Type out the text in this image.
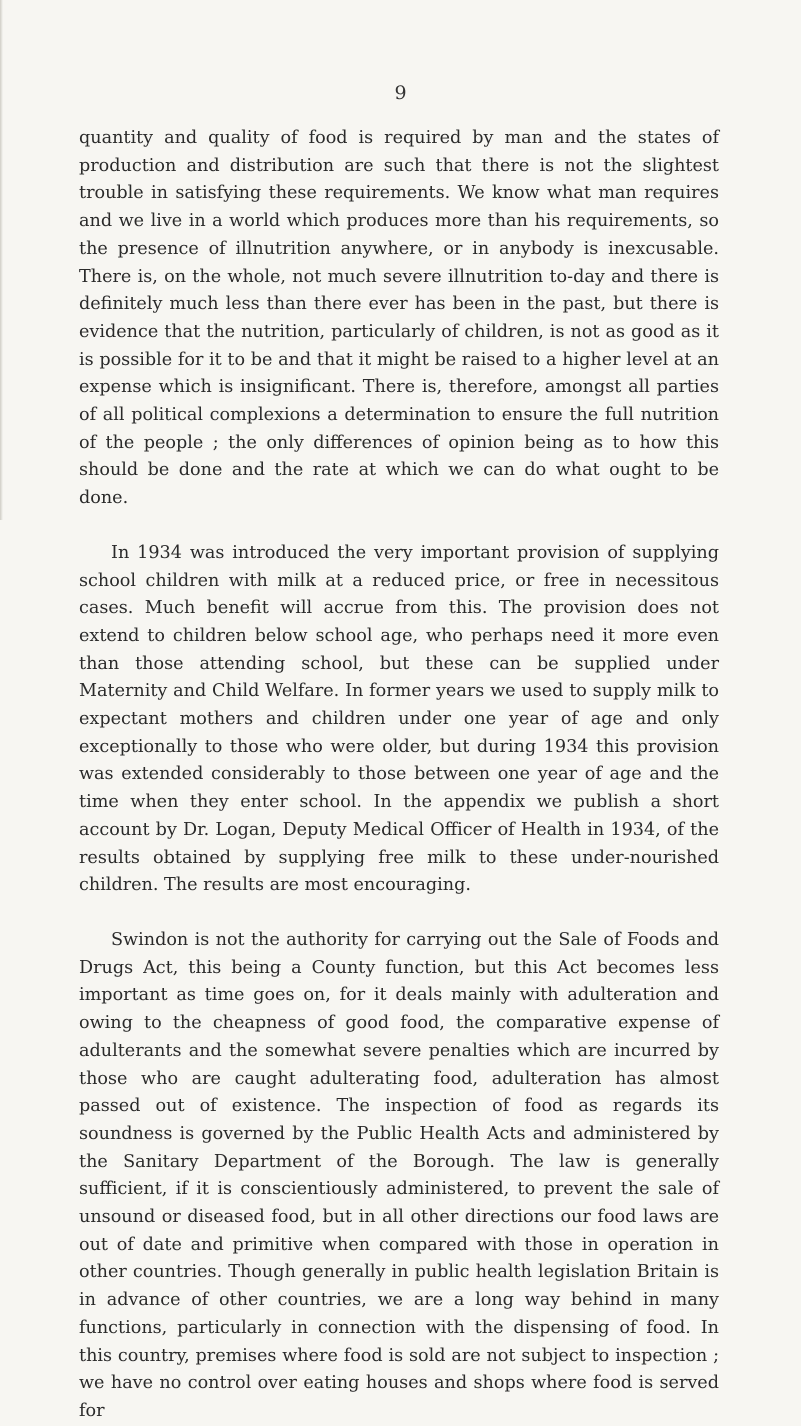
9

quantity and quality of food is required by man and the states of production and distribution are such that there is not the slightest trouble in satisfying these requirements. We know what man requires and we live in a world which produces more than his requirements, so the presence of illnutrition anywhere, or in anybody is inexcusable. There is, on the whole, not much severe illnutrition to-day and there is definitely much less than there ever has been in the past, but there is evidence that the nutrition, particularly of children, is not as good as it is possible for it to be and that it might be raised to a higher level at an expense which is insignificant. There is, therefore, amongst all parties of all political complexions a determination to ensure the full nutrition of the people ; the only differences of opinion being as to how this should be done and the rate at which we can do what ought to be done.

In 1934 was introduced the very important provision of supplying school children with milk at a reduced price, or free in necessitous cases. Much benefit will accrue from this. The provision does not extend to children below school age, who perhaps need it more even than those attending school, but these can be supplied under Maternity and Child Welfare. In former years we used to supply milk to expectant mothers and children under one year of age and only exceptionally to those who were older, but during 1934 this provision was extended considerably to those between one year of age and the time when they enter school. In the appendix we publish a short account by Dr. Logan, Deputy Medical Officer of Health in 1934, of the results obtained by supplying free milk to these under-nourished children. The results are most encouraging.

Swindon is not the authority for carrying out the Sale of Foods and Drugs Act, this being a County function, but this Act becomes less important as time goes on, for it deals mainly with adulteration and owing to the cheapness of good food, the comparative expense of adulterants and the somewhat severe penalties which are incurred by those who are caught adulterating food, adulteration has almost passed out of existence. The inspection of food as regards its soundness is governed by the Public Health Acts and administered by the Sanitary Department of the Borough. The law is generally sufficient, if it is conscientiously administered, to prevent the sale of unsound or diseased food, but in all other directions our food laws are out of date and primitive when compared with those in operation in other countries. Though generally in public health legislation Britain is in advance of other countries, we are a long way behind in many functions, particularly in connection with the dispensing of food. In this country, premises where food is sold are not subject to inspection ; we have no control over eating houses and shops where food is served for
